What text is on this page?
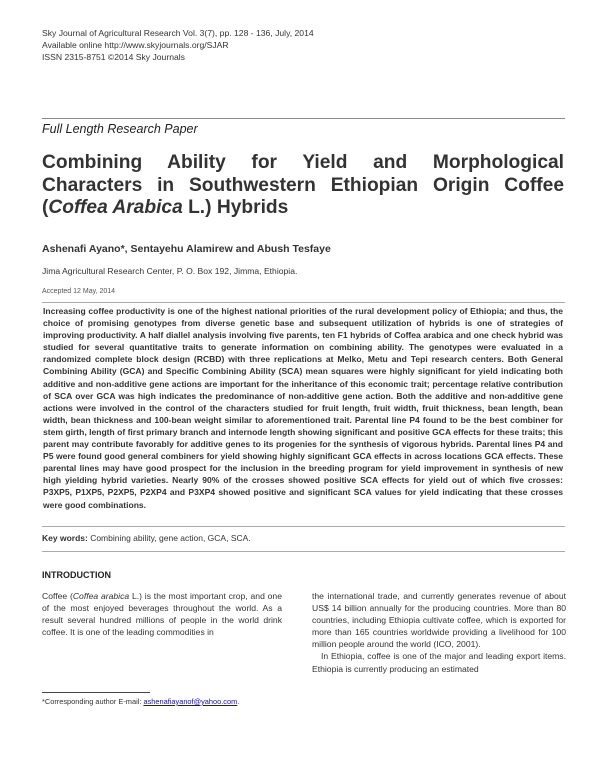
Sky Journal of Agricultural Research Vol. 3(7), pp. 128 - 136, July, 2014
Available online http://www.skyjournals.org/SJAR
ISSN 2315-8751 ©2014 Sky Journals
Full Length Research Paper
Combining Ability for Yield and Morphological
Characters in Southwestern Ethiopian Origin Coffee
(Coffea Arabica L.) Hybrids
Ashenafi Ayano*, Sentayehu Alamirew and Abush Tesfaye
Jima Agricultural Research Center, P. O. Box 192, Jimma, Ethiopia.
Accepted 12 May, 2014
Increasing coffee productivity is one of the highest national priorities of the rural development policy of Ethiopia; and thus, the choice of promising genotypes from diverse genetic base and subsequent utilization of hybrids is one of strategies of improving productivity. A half diallel analysis involving five parents, ten F1 hybrids of Coffea arabica and one check hybrid was studied for several quantitative traits to generate information on combining ability. The genotypes were evaluated in a randomized complete block design (RCBD) with three replications at Melko, Metu and Tepi research centers. Both General Combining Ability (GCA) and Specific Combining Ability (SCA) mean squares were highly significant for yield indicating both additive and non-additive gene actions are important for the inheritance of this economic trait; percentage relative contribution of SCA over GCA was high indicates the predominance of non-additive gene action. Both the additive and non-additive gene actions were involved in the control of the characters studied for fruit length, fruit width, fruit thickness, bean length, bean width, bean thickness and 100-bean weight similar to aforementioned trait. Parental line P4 found to be the best combiner for stem girth, length of first primary branch and internode length showing significant and positive GCA effects for these traits; this parent may contribute favorably for additive genes to its progenies for the synthesis of vigorous hybrids. Parental lines P4 and P5 were found good general combiners for yield showing highly significant GCA effects in across locations GCA effects. These parental lines may have good prospect for the inclusion in the breeding program for yield improvement in synthesis of new high yielding hybrid varieties. Nearly 90% of the crosses showed positive SCA effects for yield out of which five crosses: P3XP5, P1XP5, P2XP5, P2XP4 and P3XP4 showed positive and significant SCA values for yield indicating that these crosses were good combinations.
Key words: Combining ability, gene action, GCA, SCA.
INTRODUCTION

Coffee (Coffea arabica L.) is the most important crop, and one of the most enjoyed beverages throughout the world. As a result several hundred millions of people in the world drink coffee. It is one of the leading commodities in

the international trade, and currently generates revenue of about US$ 14 billion annually for the producing countries. More than 80 countries, including Ethiopia cultivate coffee, which is exported for more than 165 countries worldwide providing a livelihood for 100 million people around the world (ICO, 2001).

In Ethiopia, coffee is one of the major and leading export items. Ethiopia is currently producing an estimated

*Corresponding author E-mail: ashenafiayanof@yahoo.com.
